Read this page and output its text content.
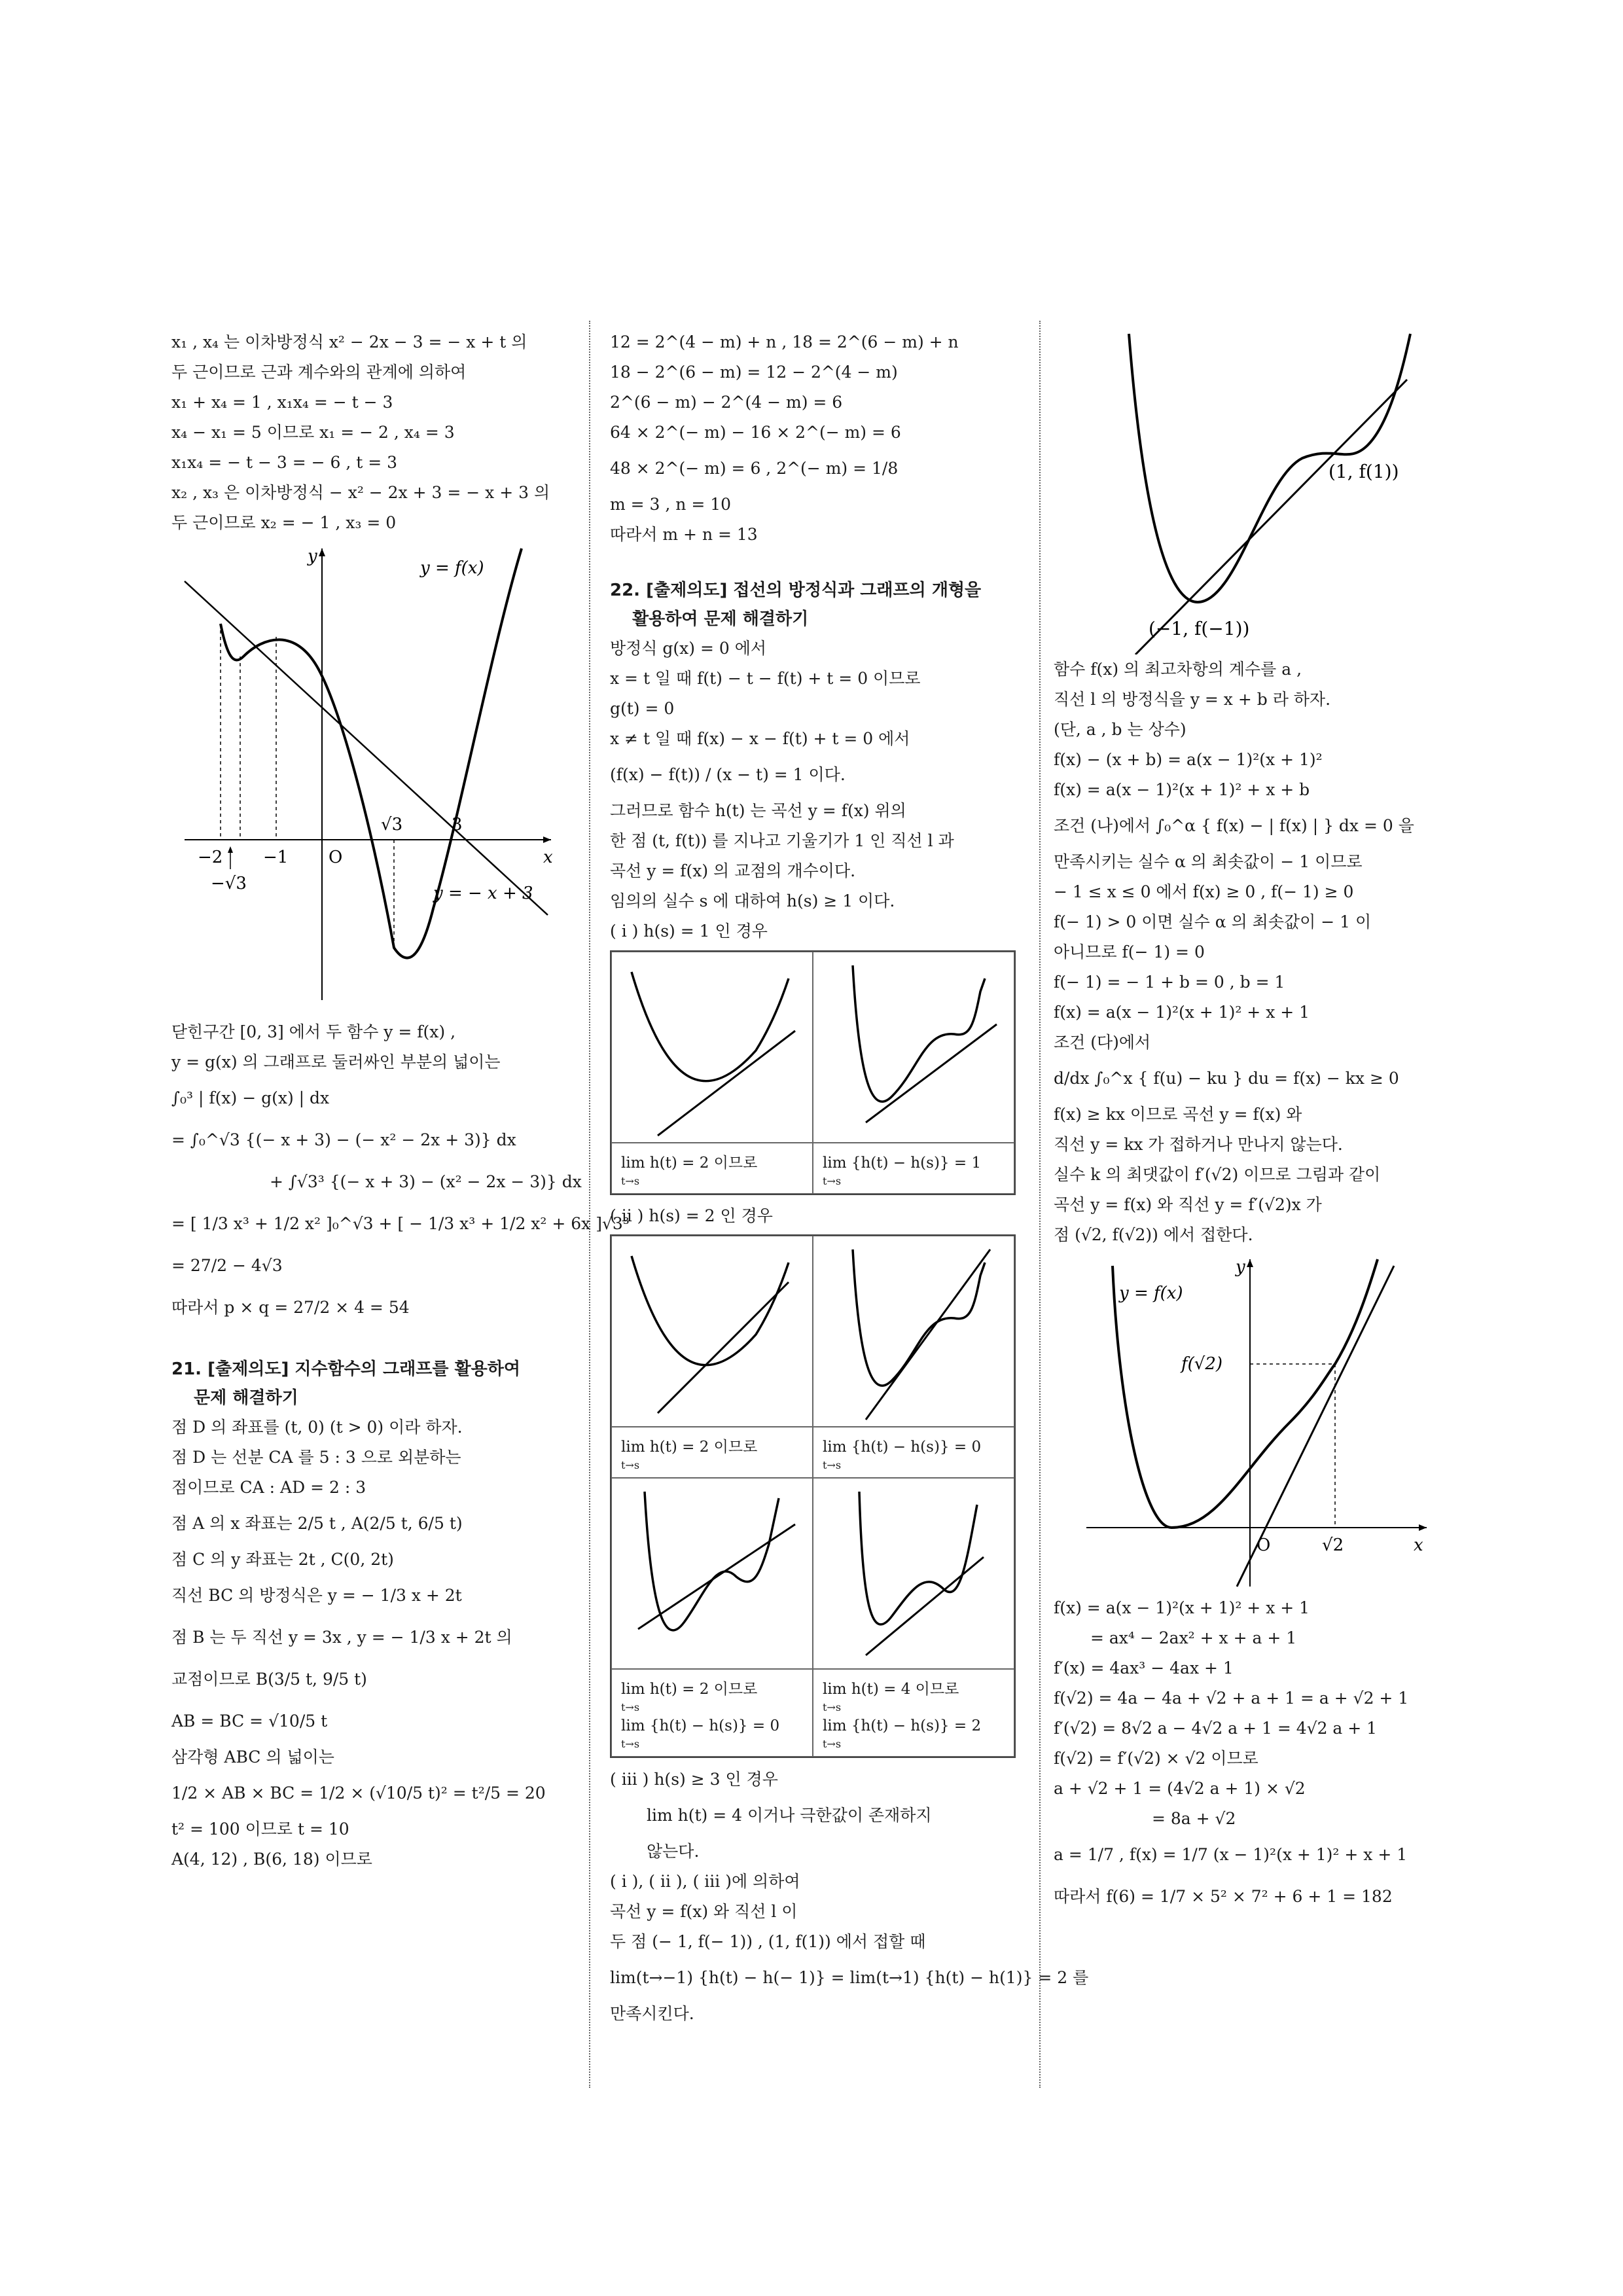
x₁ , x₄ 는 이차방정식 x² − 2x − 3 = − x + t 의
두 근이므로 근과 계수와의 관계에 의하여
x₁ + x₄ = 1 , x₁x₄ = − t − 3
x₄ − x₁ = 5 이므로 x₁ = − 2 , x₄ = 3
x₁x₄ = − t − 3 = − 6 , t = 3
x₂ , x₃ 은 이차방정식 − x² − 2x + 3 = − x + 3 의
두 근이므로 x₂ = − 1 , x₃ = 0
y
x
y = f(x)
y = − x + 3
O
√3	3
−2 −1
−√3
닫힌구간 [0, 3] 에서 두 함수 y = f(x) ,
y = g(x) 의 그래프로 둘러싸인 부분의 넓이는
∫₀³ | f(x) − g(x) | dx
= ∫₀^√3 {(− x + 3) − (− x² − 2x + 3)} dx
+ ∫√3³ {(− x + 3) − (x² − 2x − 3)} dx
= [ 1/3 x³ + 1/2 x² ]₀^√3 + [ − 1/3 x³ + 1/2 x² + 6x ]√3³
= 27/2 − 4√3
따라서 p × q = 27/2 × 4 = 54
21. [출제의도] 지수함수의 그래프를 활용하여
문제 해결하기
점 D 의 좌표를 (t, 0) (t > 0) 이라 하자.
점 D 는 선분 CA 를 5 : 3 으로 외분하는
점이므로 CA : AD = 2 : 3
점 A 의 x 좌표는 2/5 t , A(2/5 t, 6/5 t)
점 C 의 y 좌표는 2t , C(0, 2t)
직선 BC 의 방정식은 y = − 1/3 x + 2t
점 B 는 두 직선 y = 3x , y = − 1/3 x + 2t 의
교점이므로 B(3/5 t, 9/5 t)
AB = BC = √10/5 t
삼각형 ABC 의 넓이는
1/2 × AB × BC = 1/2 × (√10/5 t)² = t²/5 = 20
t² = 100 이므로 t = 10
A(4, 12) , B(6, 18) 이므로
12 = 2^(4 − m) + n , 18 = 2^(6 − m) + n
18 − 2^(6 − m) = 12 − 2^(4 − m)
2^(6 − m) − 2^(4 − m) = 6
64 × 2^(− m) − 16 × 2^(− m) = 6
48 × 2^(− m) = 6 , 2^(− m) = 1/8
m = 3 , n = 10
따라서 m + n = 13
22. [출제의도] 접선의 방정식과 그래프의 개형을
활용하여 문제 해결하기
방정식 g(x) = 0 에서
x = t 일 때 f(t) − t − f(t) + t = 0 이므로
g(t) = 0
x ≠ t 일 때 f(x) − x − f(t) + t = 0 에서
(f(x) − f(t)) / (x − t) = 1 이다.
그러므로 함수 h(t) 는 곡선 y = f(x) 위의
한 점 (t, f(t)) 를 지나고 기울기가 1 인 직선 l 과
곡선 y = f(x) 의 교점의 개수이다.
임의의 실수 s 에 대하여 h(s) ≥ 1 이다.
( i ) h(s) = 1 인 경우
lim h(t) = 2 이므로
t→s
lim {h(t) − h(s)} = 1
t→s
( ii ) h(s) = 2 인 경우
lim h(t) = 2 이므로
t→s
lim {h(t) − h(s)} = 0
t→s
lim h(t) = 2 이므로
t→s
lim {h(t) − h(s)} = 0
t→s
lim h(t) = 4 이므로
t→s
lim {h(t) − h(s)} = 2
t→s
( iii ) h(s) ≥ 3 인 경우
lim h(t) = 4 이거나 극한값이 존재하지
않는다.
( i ), ( ii ), ( iii )에 의하여
곡선 y = f(x) 와 직선 l 이
두 점 (− 1, f(− 1)) , (1, f(1)) 에서 접할 때
lim(t→−1) {h(t) − h(− 1)} = lim(t→1) {h(t) − h(1)} = 2 를
만족시킨다.
(1, f(1))
(−1, f(−1))
함수 f(x) 의 최고차항의 계수를 a ,
직선 l 의 방정식을 y = x + b 라 하자.
(단, a , b 는 상수)
f(x) − (x + b) = a(x − 1)²(x + 1)²
f(x) = a(x − 1)²(x + 1)² + x + b
조건 (나)에서 ∫₀^α { f(x) − | f(x) | } dx = 0 을
만족시키는 실수 α 의 최솟값이 − 1 이므로
− 1 ≤ x ≤ 0 에서 f(x) ≥ 0 , f(− 1) ≥ 0
f(− 1) > 0 이면 실수 α 의 최솟값이 − 1 이
아니므로 f(− 1) = 0
f(− 1) = − 1 + b = 0 , b = 1
f(x) = a(x − 1)²(x + 1)² + x + 1
조건 (다)에서
d/dx ∫₀^x { f(u) − ku } du = f(x) − kx ≥ 0
f(x) ≥ kx 이므로 곡선 y = f(x) 와
직선 y = kx 가 접하거나 만나지 않는다.
실수 k 의 최댓값이 f′(√2) 이므로 그림과 같이
곡선 y = f(x) 와 직선 y = f′(√2)x 가
점 (√2, f(√2)) 에서 접한다.
y
x
y = f(x)
f(√2)
O	√2
f(x) = a(x − 1)²(x + 1)² + x + 1
= ax⁴ − 2ax² + x + a + 1
f′(x) = 4ax³ − 4ax + 1
f(√2) = 4a − 4a + √2 + a + 1 = a + √2 + 1
f′(√2) = 8√2 a − 4√2 a + 1 = 4√2 a + 1
f(√2) = f′(√2) × √2 이므로
a + √2 + 1 = (4√2 a + 1) × √2
= 8a + √2
a = 1/7 , f(x) = 1/7 (x − 1)²(x + 1)² + x + 1
따라서 f(6) = 1/7 × 5² × 7² + 6 + 1 = 182
